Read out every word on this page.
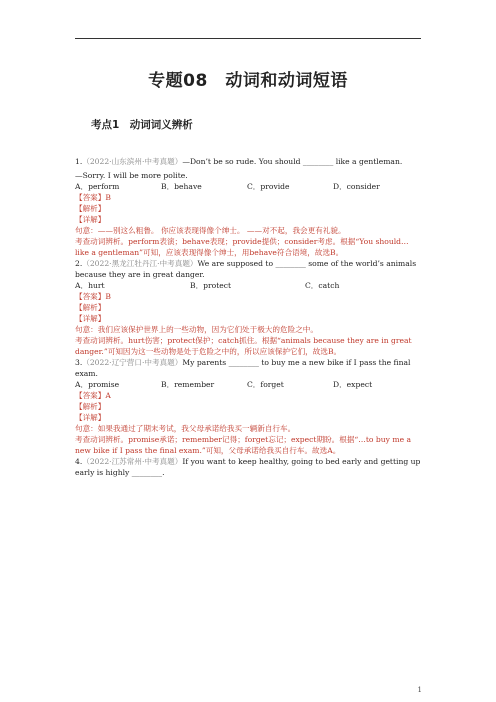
专题08　动词和动词短语
考点1　动词词义辨析

1.（2022·山东滨州·中考真题）—Don’t be so rude. You should ________ like a gentleman.

—Sorry. I will be more polite.

A．perform	B．behave	C．provide	D．consider

【答案】B

【解析】

【详解】

句意：——别这么粗鲁。 你应该表现得像个绅士。 ——对不起，我会更有礼貌。

考查动词辨析。perform表演；behave表现；provide提供；consider考虑。根据“You should…like a gentleman”可知，应该表现得像个绅士，用behave符合语境，故选B。

2.（2022·黑龙江牡丹江·中考真题）We are supposed to ________ some of the world’s animals because they are in great danger.

A．hurt	B．protect	C．catch

【答案】B

【解析】

【详解】

句意：我们应该保护世界上的一些动物，因为它们处于极大的危险之中。

考查动词辨析。hurt伤害；protect保护；catch抓住。根据“animals because they are in great danger.”可知因为这一些动物是处于危险之中的，所以应该保护它们，故选B。

3.（2022·辽宁营口·中考真题）My parents ________ to buy me a new bike if I pass the final exam.

A．promise	B．remember	C．forget	D．expect

【答案】A

【解析】

【详解】

句意：如果我通过了期末考试，我父母承诺给我买一辆新自行车。

考查动词辨析。promise承诺；remember记得；forget忘记；expect期盼。根据“…to buy me a new bike if I pass the final exam.”可知，父母承诺给我买自行车。故选A。

4.（2022·江苏常州·中考真题）If you want to keep healthy, going to bed early and getting up early is highly ________.

1
